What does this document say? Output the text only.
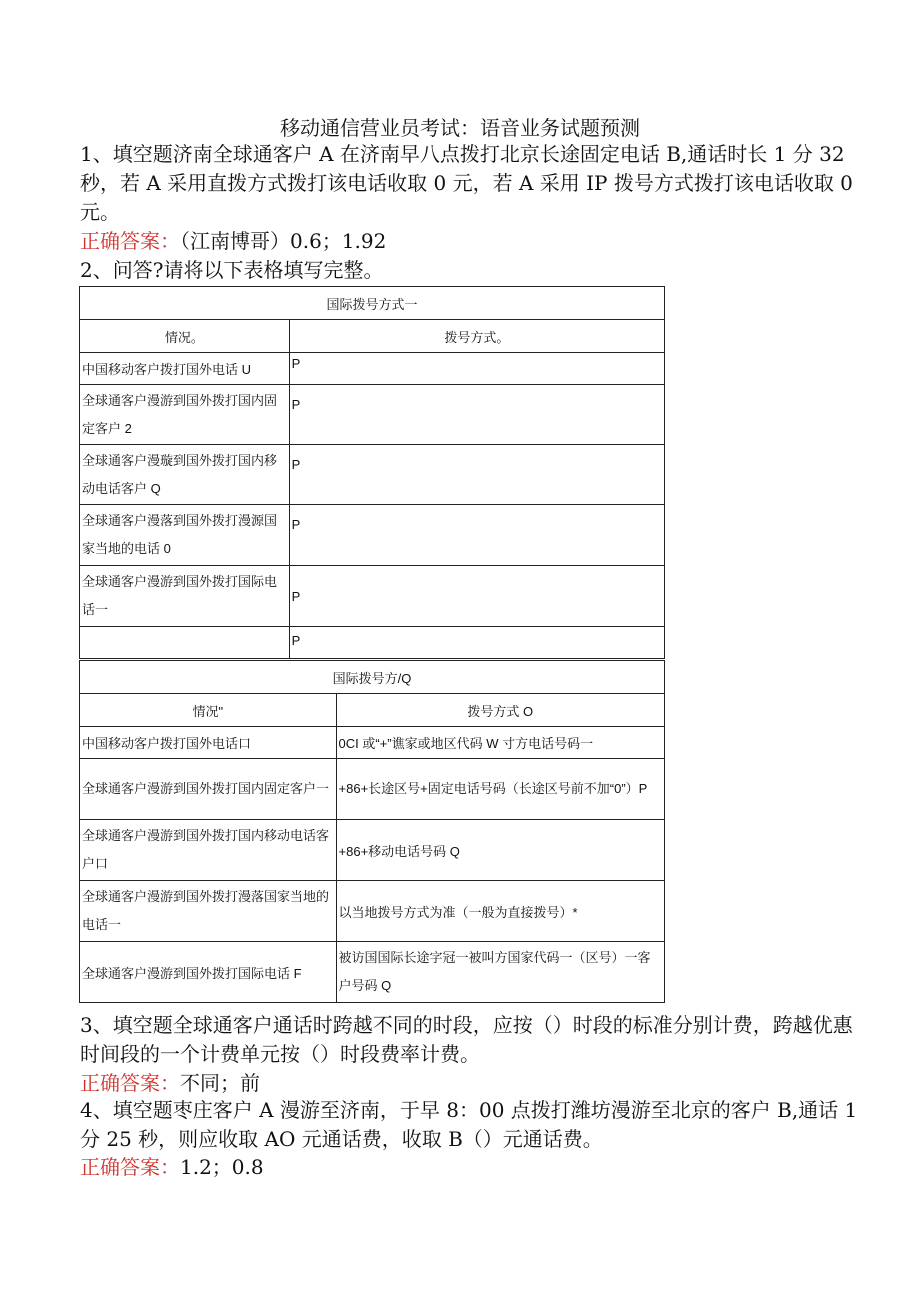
移动通信营业员考试：语音业务试题预测
1、填空题济南全球通客户 A 在济南早八点拨打北京长途固定电话 B,通话时长 1 分 32 秒，若 A 采用直拨方式拨打该电话收取 0 元，若 A 采用 IP 拨号方式拨打该电话收取 0 元。
正确答案：（江南博哥）0.6；1.92
2、问答?请将以下表格填写完整。
国际拨号方式一	
情况。	拨号方式。
中国移动客户拨打国外电话 U	P
全球通客户漫游到国外拨打国内固定客户 2	P
全球通客户漫璇到国外拨打国内移动电话客户 Q	P
全球通客户漫落到国外拨打漫源国家当地的电话 0	P
全球通客户漫游到国外拨打国际电话一	P
	P
国际拨号方/Q	
情况"	拨号方式 O
中国移动客户拨打国外电话口	0CI 或“+”谯家或地区代码 W 寸方电话号码一
全球通客户漫游到国外拨打国内固定客户一	+86+长途区号+固定电话号码（长途区号前不加“0”）P
全球通客户漫游到国外拨打国内移动电话客户口	+86+移动电话号码 Q
全球通客户漫游到国外拨打漫落国家当地的电话一	以当地拨号方式为准（一般为直接拨号）*
全球通客户漫游到国外拨打国际电话 F	被访国国际长途字冠一被叫方国家代码一（区号）一客户号码 Q
3、填空题全球通客户通话时跨越不同的时段，应按（）时段的标准分别计费，跨越优惠时间段的一个计费单元按（）时段费率计费。
正确答案：不同；前
4、填空题枣庄客户 A 漫游至济南，于早 8：00 点拨打潍坊漫游至北京的客户 B,通话 1 分 25 秒，则应收取 AO 元通话费，收取 B（）元通话费。
正确答案：1.2；0.8
